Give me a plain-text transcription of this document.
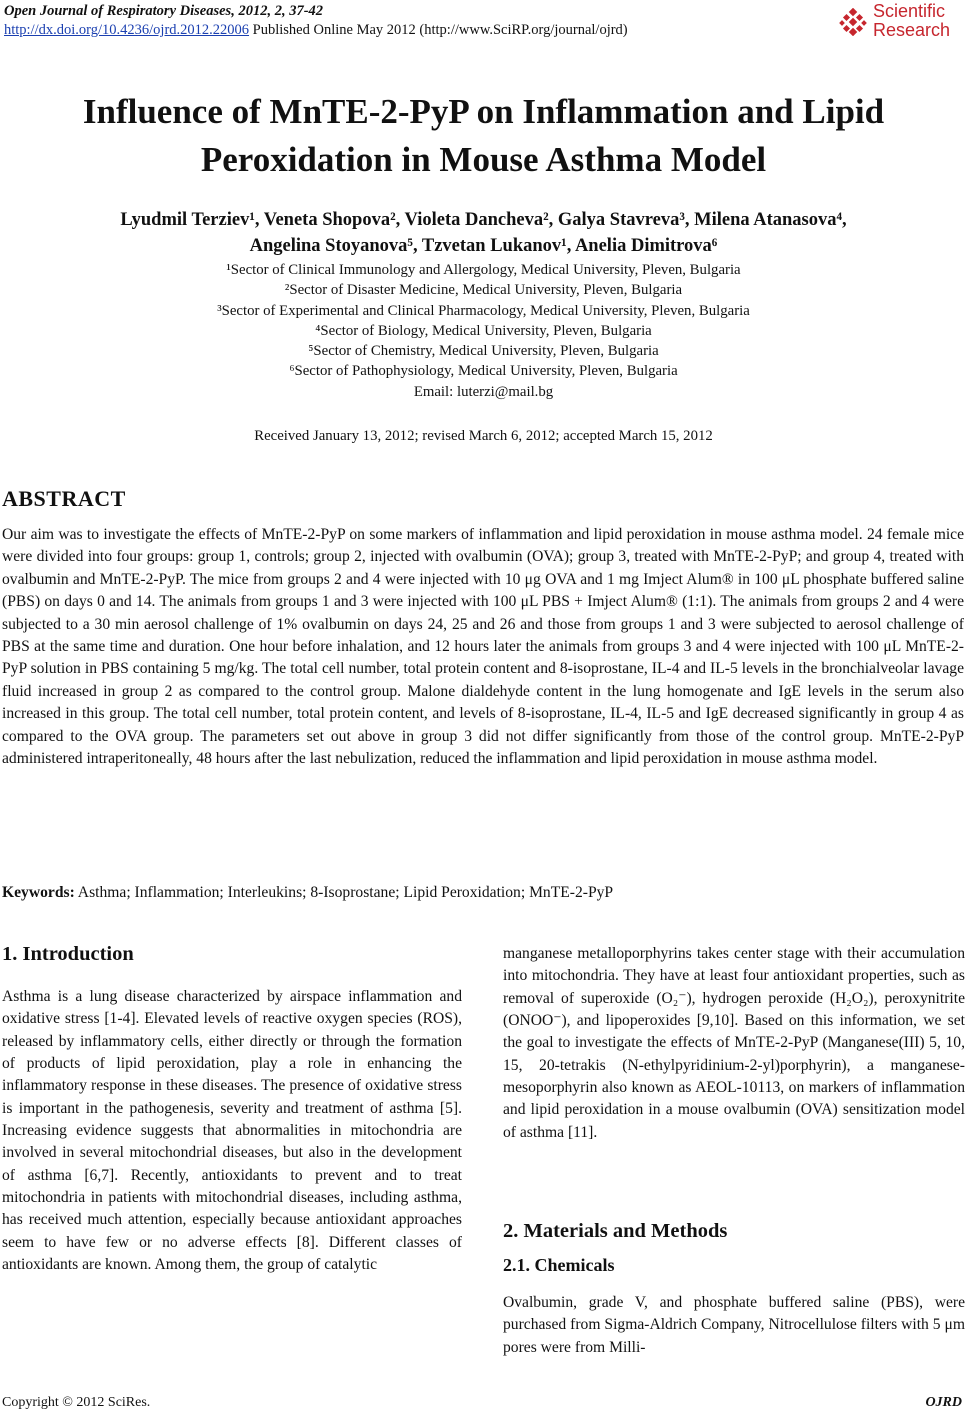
Open Journal of Respiratory Diseases, 2012, 2, 37-42
http://dx.doi.org/10.4236/ojrd.2012.22006 Published Online May 2012 (http://www.SciRP.org/journal/ojrd)
Scientific
Research
Influence of MnTE-2-PyP on Inflammation and Lipid
Peroxidation in Mouse Asthma Model
Lyudmil Terziev¹, Veneta Shopova², Violeta Dancheva², Galya Stavreva³, Milena Atanasova⁴,
Angelina Stoyanova⁵, Tzvetan Lukanov¹, Anelia Dimitrova⁶
¹Sector of Clinical Immunology and Allergology, Medical University, Pleven, Bulgaria
²Sector of Disaster Medicine, Medical University, Pleven, Bulgaria
³Sector of Experimental and Clinical Pharmacology, Medical University, Pleven, Bulgaria
⁴Sector of Biology, Medical University, Pleven, Bulgaria
⁵Sector of Chemistry, Medical University, Pleven, Bulgaria
⁶Sector of Pathophysiology, Medical University, Pleven, Bulgaria
Email: luterzi@mail.bg
Received January 13, 2012; revised March 6, 2012; accepted March 15, 2012
ABSTRACT
Our aim was to investigate the effects of MnTE-2-PyP on some markers of inflammation and lipid peroxidation in mouse asthma model. 24 female mice were divided into four groups: group 1, controls; group 2, injected with ovalbumin (OVA); group 3, treated with MnTE-2-PyP; and group 4, treated with ovalbumin and MnTE-2-PyP. The mice from groups 2 and 4 were injected with 10 μg OVA and 1 mg Imject Alum® in 100 μL phosphate buffered saline (PBS) on days 0 and 14. The animals from groups 1 and 3 were injected with 100 μL PBS + Imject Alum® (1:1). The animals from groups 2 and 4 were subjected to a 30 min aerosol challenge of 1% ovalbumin on days 24, 25 and 26 and those from groups 1 and 3 were subjected to aerosol challenge of PBS at the same time and duration. One hour before inhalation, and 12 hours later the animals from groups 3 and 4 were injected with 100 μL MnTE-2-PyP solution in PBS containing 5 mg/kg. The total cell number, total protein content and 8-isoprostane, IL-4 and IL-5 levels in the bronchialveolar lavage fluid increased in group 2 as compared to the control group. Malone dialdehyde content in the lung homogenate and IgE levels in the serum also increased in this group. The total cell number, total protein content, and levels of 8-isoprostane, IL-4, IL-5 and IgE decreased significantly in group 4 as compared to the OVA group. The parameters set out above in group 3 did not differ significantly from those of the control group. MnTE-2-PyP administered intraperitoneally, 48 hours after the last nebulization, reduced the inflammation and lipid peroxidation in mouse asthma model.
Keywords: Asthma; Inflammation; Interleukins; 8-Isoprostane; Lipid Peroxidation; MnTE-2-PyP
1. Introduction
Asthma is a lung disease characterized by airspace inflammation and oxidative stress [1-4]. Elevated levels of reactive oxygen species (ROS), released by inflammatory cells, either directly or through the formation of products of lipid peroxidation, play a role in enhancing the inflammatory response in these diseases. The presence of oxidative stress is important in the pathogenesis, severity and treatment of asthma [5]. Increasing evidence suggests that abnormalities in mitochondria are involved in several mitochondrial diseases, but also in the development of asthma [6,7]. Recently, antioxidants to prevent and to treat mitochondria in patients with mitochondrial diseases, including asthma, has received much attention, especially because antioxidant approaches seem to have few or no adverse effects [8]. Different classes of antioxidants are known. Among them, the group of catalytic
manganese metalloporphyrins takes center stage with their accumulation into mitochondria. They have at least four antioxidant properties, such as removal of superoxide (O₂⁻), hydrogen peroxide (H₂O₂), peroxynitrite (ONOO⁻), and lipoperoxides [9,10]. Based on this information, we set the goal to investigate the effects of MnTE-2-PyP (Manganese(III) 5, 10, 15, 20-tetrakis (N-ethylpyridinium-2-yl)porphyrin), a manganese-mesoporphyrin also known as AEOL-10113, on markers of inflammation and lipid peroxidation in a mouse ovalbumin (OVA) sensitization model of asthma [11].
2. Materials and Methods
2.1. Chemicals
Ovalbumin, grade V, and phosphate buffered saline (PBS), were purchased from Sigma-Aldrich Company, Nitrocellulose filters with 5 μm pores were from Milli-
Copyright © 2012 SciRes.	OJRD
